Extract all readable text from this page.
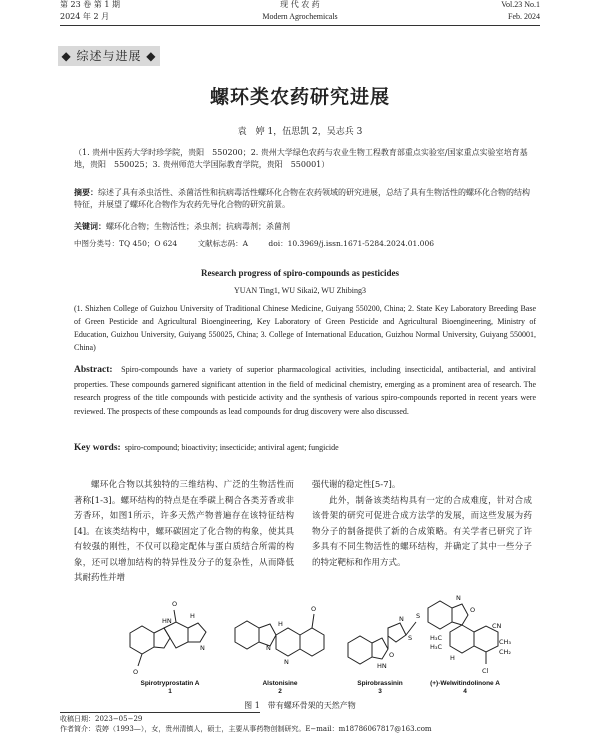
第 23 卷 第 1 期
2024 年 2 月
现 代 农 药
Modern Agrochemicals
Vol.23 No.1
Feb. 2024
◆ 综述与进展 ◆
螺环类农药研究进展
袁　婷 1，伍思凯 2，吴志兵 3
（1. 贵州中医药大学时珍学院，贵阳　550200；2. 贵州大学绿色农药与农业生物工程教育部重点实验室/国家重点实验室培育基地，贵阳　550025；3. 贵州师范大学国际教育学院，贵阳　550001）
摘要：综述了具有杀虫活性、杀菌活性和抗病毒活性螺环化合物在农药领域的研究进展，总结了具有生物活性的螺环化合物的结构特征，并展望了螺环化合物作为农药先导化合物的研究前景。
关键词：螺环化合物；生物活性；杀虫剂；抗病毒剂；杀菌剂
中图分类号：TQ 450；O 624	文献标志码：A	doi：10.3969/j.issn.1671-5284.2024.01.006
Research progress of spiro-compounds as pesticides
YUAN Ting1, WU Sikai2, WU Zhibing3
(1. Shizhen College of Guizhou University of Traditional Chinese Medicine, Guiyang 550200, China; 2. State Key Laboratory Breeding Base of Green Pesticide and Agricultural Bioengineering, Key Laboratory of Green Pesticide and Agricultural Bioengineering, Ministry of Education, Guizhou University, Guiyang 550025, China; 3. College of International Education, Guizhou Normal University, Guiyang 550001, China)
Abstract: Spiro-compounds have a variety of superior pharmacological activities, including insecticidal, antibacterial, and antiviral properties. These compounds garnered significant attention in the field of medicinal chemistry, emerging as a prominent area of research. The research progress of the title compounds with pesticide activity and the synthesis of various spiro-compounds reported in recent years were reviewed. The prospects of these compounds as lead compounds for drug discovery were also discussed.
Key words: spiro-compound; bioactivity; insecticide; antiviral agent; fungicide
螺环化合物以其独特的三维结构、广泛的生物活性而著称[1-3]。螺环结构的特点是在季碳上稠合各类芳香或非芳香环，如图1所示，许多天然产物普遍存在该特征结构[4]。在该类结构中，螺环碳固定了化合物的构象，使其具有较强的刚性，不仅可以稳定配体与蛋白质结合所需的构象，还可以增加结构的特异性及分子的复杂性，从而降低其耐药性并增
强代谢的稳定性[5-7]。
此外，制备该类结构具有一定的合成难度，针对合成该骨架的研究可促进合成方法学的发展，而这些发展为药物分子的制备提供了新的合成策略。有关学者已研究了许多具有不同生物活性的螺环结构，并确定了其中一些分子的特定靶标和作用方式。
HN
O
N
H
O
H
N
N
O
N
S
S
HN
O
N
O
H₃C
H₃C
H
CN
CH₃
CH₂
Cl
Spirotryprostatin A
1
Alstonisine
2
Spirobrassinin
3
(+)-Welwitindolinone A
4
图 1　带有螺环骨架的天然产物
收稿日期：2023−05−29
作者简介：袁婷（1993—），女，贵州清镇人，硕士，主要从事药物创制研究。E−mail：m18786067817@163.com
